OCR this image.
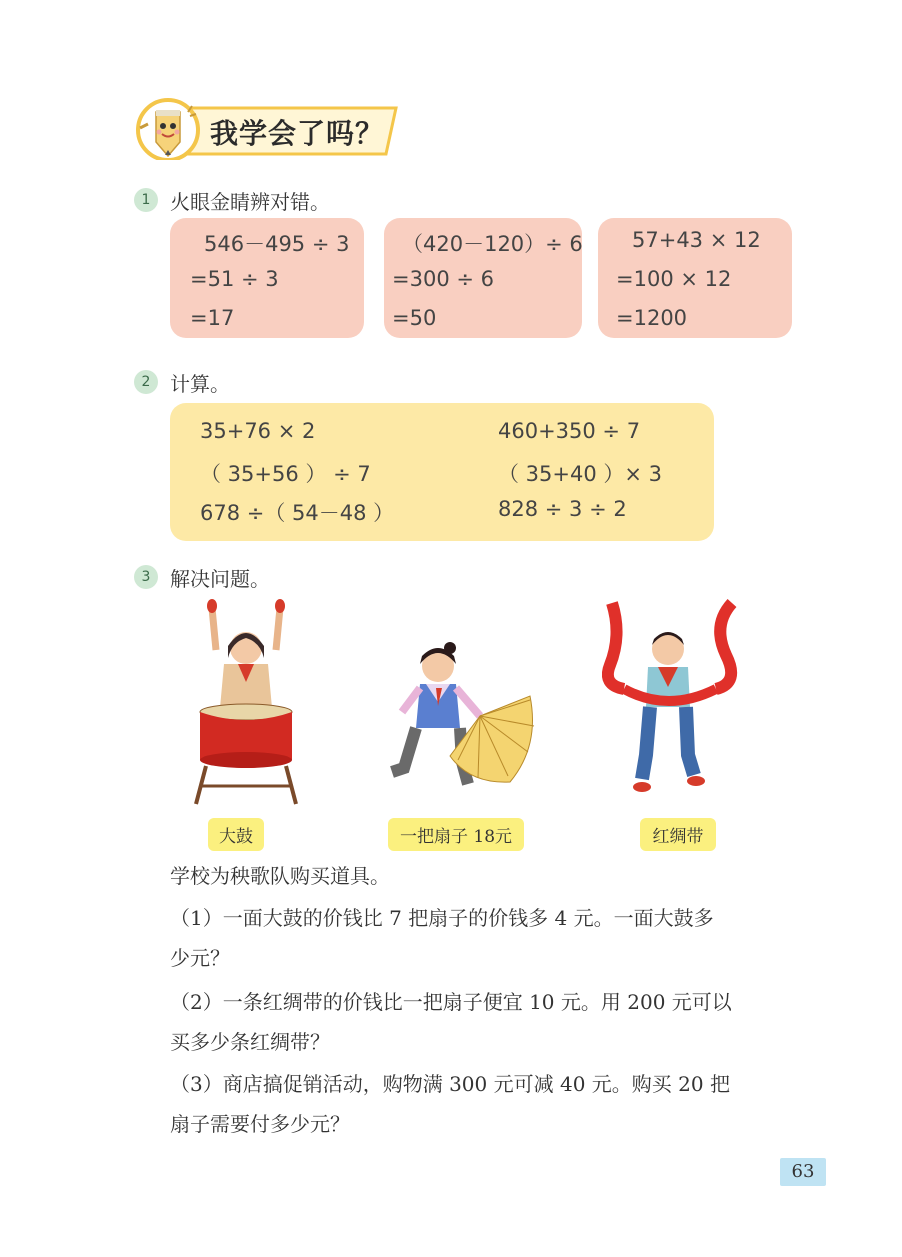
我学会了吗？
1 火眼金睛辨对错。
546－495 ÷ 3
=51 ÷ 3
=17
（420－120）÷ 6
=300 ÷ 6
=50
57+43 × 12
=100 × 12
=1200
2 计算。
35+76 × 2
（ 35+56 ） ÷ 7
678 ÷（ 54－48 ）
460+350 ÷ 7
（ 35+40 ）× 3
828 ÷ 3 ÷ 2
3 解决问题。
大鼓	一把扇子 18元	红绸带
学校为秧歌队购买道具。
（1）一面大鼓的价钱比 7 把扇子的价钱多 4 元。一面大鼓多
少元？
（2）一条红绸带的价钱比一把扇子便宜 10 元。用 200 元可以
买多少条红绸带？
（3）商店搞促销活动，购物满 300 元可减 40 元。购买 20 把
扇子需要付多少元？
63
